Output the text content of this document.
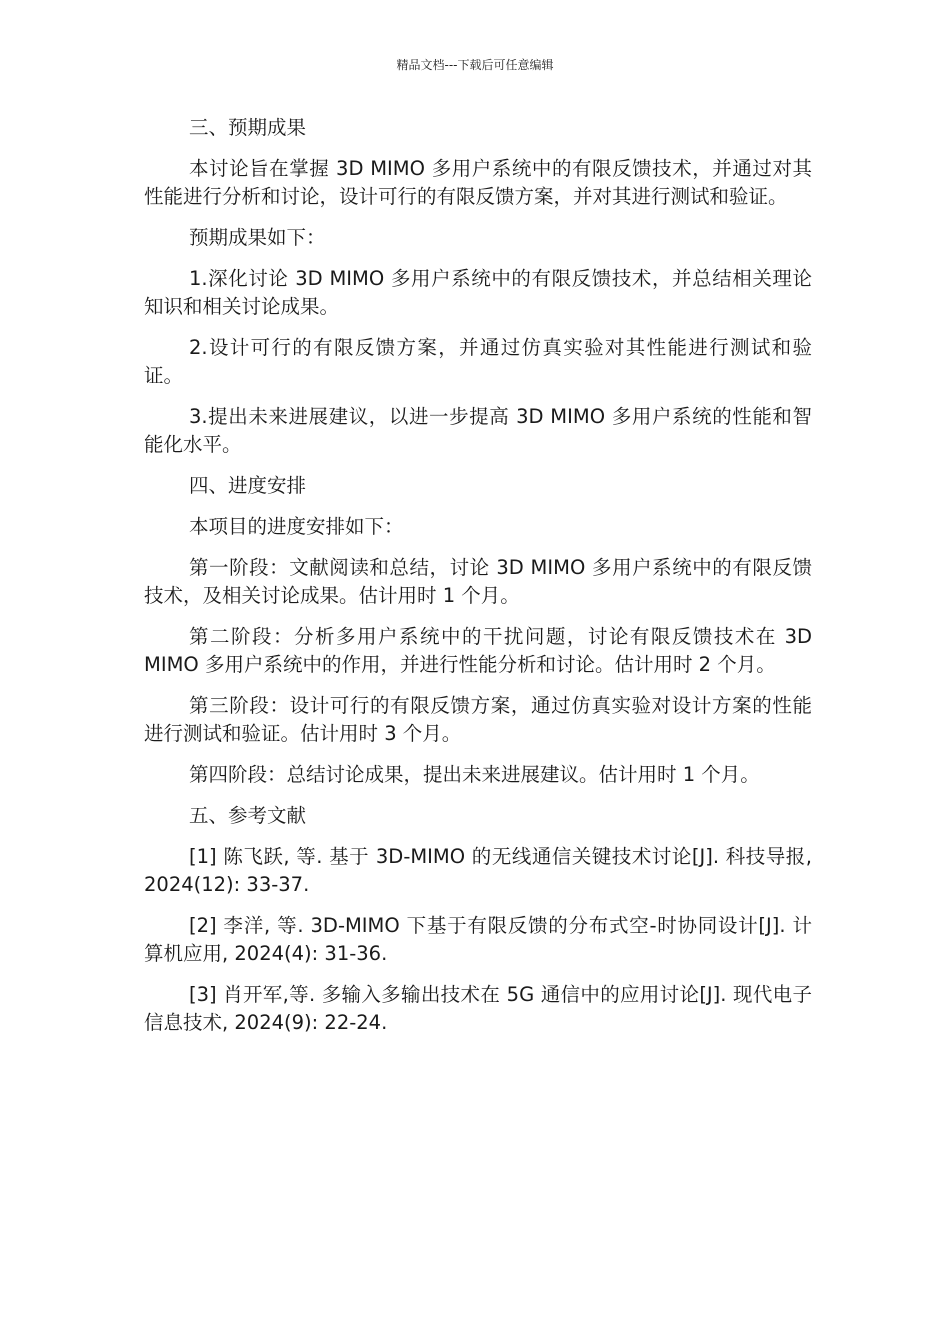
精品文档---下载后可任意编辑

三、预期成果

本讨论旨在掌握 3D MIMO 多用户系统中的有限反馈技术，并通过对其性能进行分析和讨论，设计可行的有限反馈方案，并对其进行测试和验证。

预期成果如下：

1.深化讨论 3D MIMO 多用户系统中的有限反馈技术，并总结相关理论知识和相关讨论成果。

2.设计可行的有限反馈方案，并通过仿真实验对其性能进行测试和验证。

3.提出未来进展建议，以进一步提高 3D MIMO 多用户系统的性能和智能化水平。

四、进度安排

本项目的进度安排如下：

第一阶段：文献阅读和总结，讨论 3D MIMO 多用户系统中的有限反馈技术，及相关讨论成果。估计用时 1 个月。

第二阶段：分析多用户系统中的干扰问题，讨论有限反馈技术在 3D MIMO 多用户系统中的作用，并进行性能分析和讨论。估计用时 2 个月。

第三阶段：设计可行的有限反馈方案，通过仿真实验对设计方案的性能进行测试和验证。估计用时 3 个月。

第四阶段：总结讨论成果，提出未来进展建议。估计用时 1 个月。

五、参考文献

[1] 陈飞跃, 等. 基于 3D-MIMO 的无线通信关键技术讨论[J]. 科技导报, 2024(12): 33-37.

[2] 李洋, 等. 3D-MIMO 下基于有限反馈的分布式空-时协同设计[J]. 计算机应用, 2024(4): 31-36.

[3] 肖开军,等. 多输入多输出技术在 5G 通信中的应用讨论[J]. 现代电子信息技术, 2024(9): 22-24.
